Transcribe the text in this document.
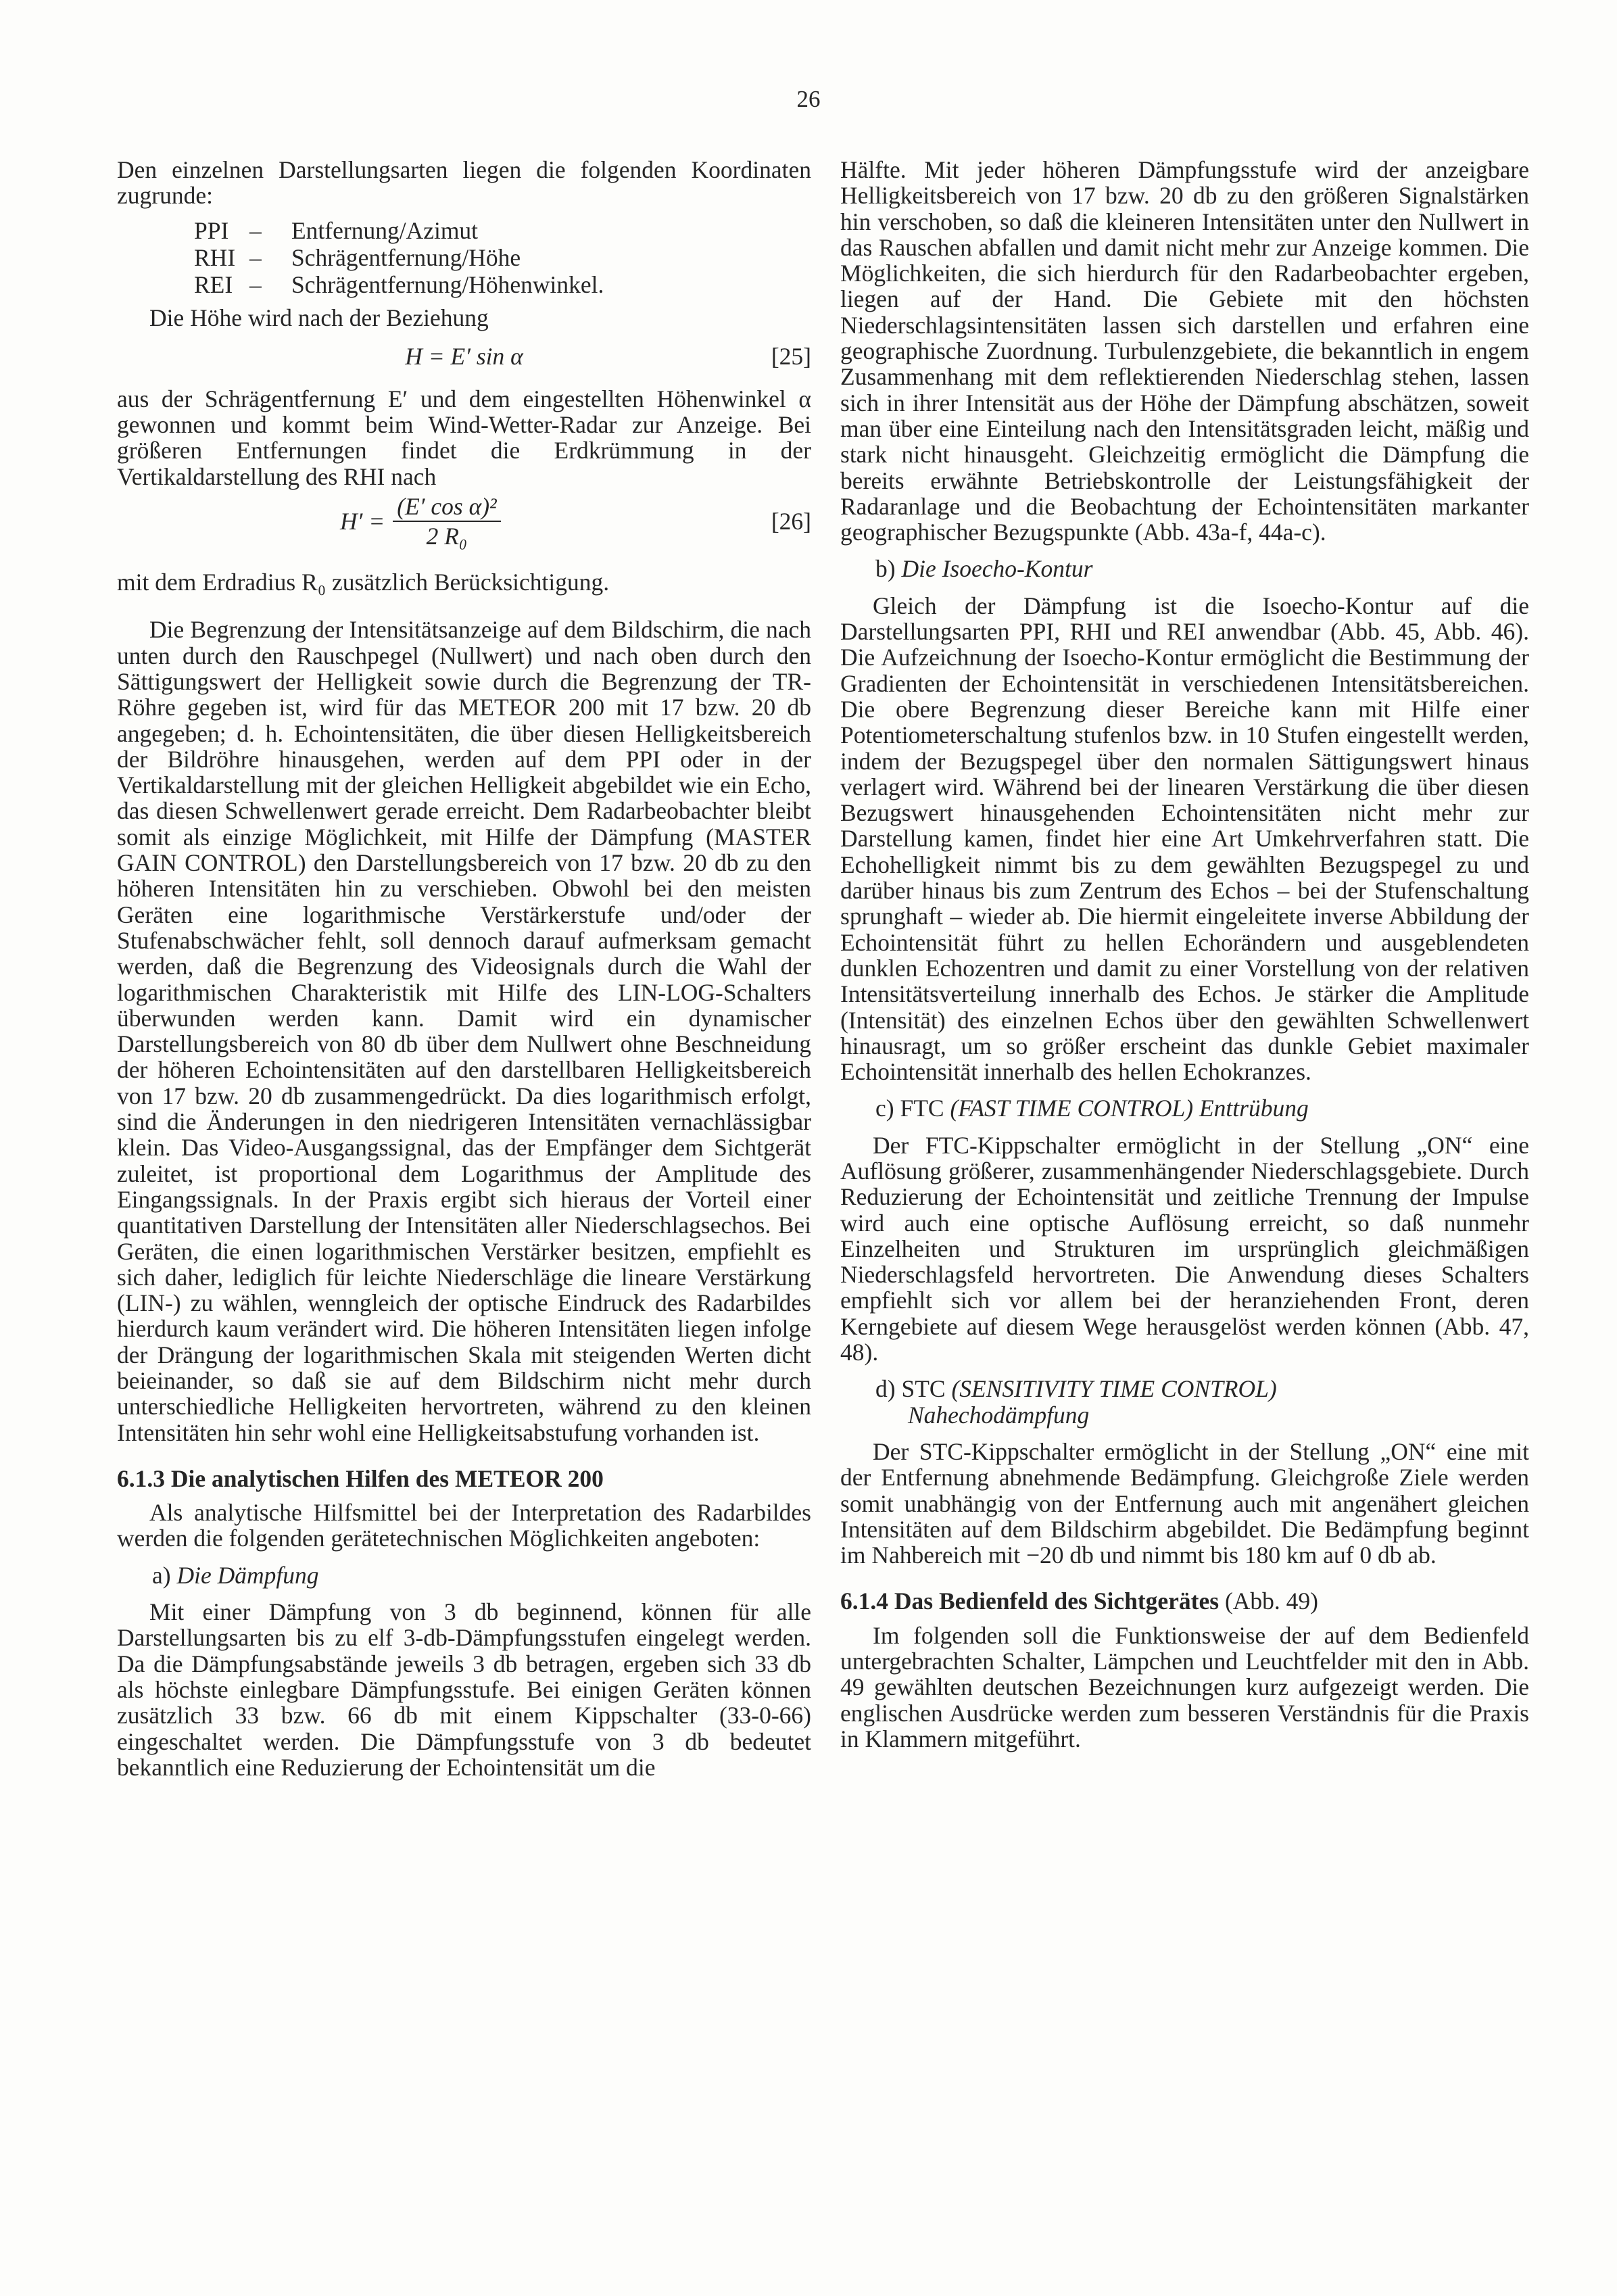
26

Den einzelnen Darstellungsarten liegen die folgenden Koordinaten zugrunde:

PPI –	Entfernung/Azimut
RHI –	Schrägentfernung/Höhe
REI –	Schrägentfernung/Höhenwinkel.

Die Höhe wird nach der Beziehung

H = E′ sin α	[25]

aus der Schrägentfernung E′ und dem eingestellten Höhenwinkel α gewonnen und kommt beim Wind-Wetter-Radar zur Anzeige. Bei größeren Entfernungen findet die Erdkrümmung in der Vertikaldarstellung des RHI nach

$H' = \frac{\text{(E′ cos α)²}}{\text{2 R₀}}$	[26]

mit dem Erdradius R₀ zusätzlich Berücksichtigung.

Die Begrenzung der Intensitätsanzeige auf dem Bildschirm, die nach unten durch den Rauschpegel (Nullwert) und nach oben durch den Sättigungswert der Helligkeit sowie durch die Begrenzung der TR-Röhre gegeben ist, wird für das METEOR 200 mit 17 bzw. 20 db angegeben; d. h. Echointensitäten, die über diesen Helligkeitsbereich der Bildröhre hinausgehen, werden auf dem PPI oder in der Vertikaldarstellung mit der gleichen Helligkeit abgebildet wie ein Echo, das diesen Schwellenwert gerade erreicht. Dem Radarbeobachter bleibt somit als einzige Möglichkeit, mit Hilfe der Dämpfung (MASTER GAIN CONTROL) den Darstellungsbereich von 17 bzw. 20 db zu den höheren Intensitäten hin zu verschieben. Obwohl bei den meisten Geräten eine logarithmische Verstärkerstufe und/oder der Stufenabschwächer fehlt, soll dennoch darauf aufmerksam gemacht werden, daß die Begrenzung des Videosignals durch die Wahl der logarithmischen Charakteristik mit Hilfe des LIN-LOG-Schalters überwunden werden kann. Damit wird ein dynamischer Darstellungsbereich von 80 db über dem Nullwert ohne Beschneidung der höheren Echointensitäten auf den darstellbaren Helligkeitsbereich von 17 bzw. 20 db zusammengedrückt. Da dies logarithmisch erfolgt, sind die Änderungen in den niedrigeren Intensitäten vernachlässigbar klein. Das Video-Ausgangssignal, das der Empfänger dem Sichtgerät zuleitet, ist proportional dem Logarithmus der Amplitude des Eingangssignals. In der Praxis ergibt sich hieraus der Vorteil einer quantitativen Darstellung der Intensitäten aller Niederschlagsechos. Bei Geräten, die einen logarithmischen Verstärker besitzen, empfiehlt es sich daher, lediglich für leichte Niederschläge die lineare Verstärkung (LIN-) zu wählen, wenngleich der optische Eindruck des Radarbildes hierdurch kaum verändert wird. Die höheren Intensitäten liegen infolge der Drängung der logarithmischen Skala mit steigenden Werten dicht beieinander, so daß sie auf dem Bildschirm nicht mehr durch unterschiedliche Helligkeiten hervortreten, während zu den kleinen Intensitäten hin sehr wohl eine Helligkeitsabstufung vorhanden ist.

6.1.3 Die analytischen Hilfen des METEOR 200

Als analytische Hilfsmittel bei der Interpretation des Radarbildes werden die folgenden gerätetechnischen Möglichkeiten angeboten:

a) Die Dämpfung

Mit einer Dämpfung von 3 db beginnend, können für alle Darstellungsarten bis zu elf 3-db-Dämpfungsstufen eingelegt werden. Da die Dämpfungsabstände jeweils 3 db betragen, ergeben sich 33 db als höchste einlegbare Dämpfungsstufe. Bei einigen Geräten können zusätzlich 33 bzw. 66 db mit einem Kippschalter (33-0-66) eingeschaltet werden. Die Dämpfungsstufe von 3 db bedeutet bekanntlich eine Reduzierung der Echointensität um die

Hälfte. Mit jeder höheren Dämpfungsstufe wird der anzeigbare Helligkeitsbereich von 17 bzw. 20 db zu den größeren Signalstärken hin verschoben, so daß die kleineren Intensitäten unter den Nullwert in das Rauschen abfallen und damit nicht mehr zur Anzeige kommen. Die Möglichkeiten, die sich hierdurch für den Radarbeobachter ergeben, liegen auf der Hand. Die Gebiete mit den höchsten Niederschlagsintensitäten lassen sich darstellen und erfahren eine geographische Zuordnung. Turbulenzgebiete, die bekanntlich in engem Zusammenhang mit dem reflektierenden Niederschlag stehen, lassen sich in ihrer Intensität aus der Höhe der Dämpfung abschätzen, soweit man über eine Einteilung nach den Intensitätsgraden leicht, mäßig und stark nicht hinausgeht. Gleichzeitig ermöglicht die Dämpfung die bereits erwähnte Betriebskontrolle der Leistungsfähigkeit der Radaranlage und die Beobachtung der Echointensitäten markanter geographischer Bezugspunkte (Abb. 43a-f, 44a-c).

b) Die Isoecho-Kontur

Gleich der Dämpfung ist die Isoecho-Kontur auf die Darstellungsarten PPI, RHI und REI anwendbar (Abb. 45, Abb. 46). Die Aufzeichnung der Isoecho-Kontur ermöglicht die Bestimmung der Gradienten der Echointensität in verschiedenen Intensitätsbereichen. Die obere Begrenzung dieser Bereiche kann mit Hilfe einer Potentiometerschaltung stufenlos bzw. in 10 Stufen eingestellt werden, indem der Bezugspegel über den normalen Sättigungswert hinaus verlagert wird. Während bei der linearen Verstärkung die über diesen Bezugswert hinausgehenden Echointensitäten nicht mehr zur Darstellung kamen, findet hier eine Art Umkehrverfahren statt. Die Echohelligkeit nimmt bis zu dem gewählten Bezugspegel zu und darüber hinaus bis zum Zentrum des Echos – bei der Stufenschaltung sprunghaft – wieder ab. Die hiermit eingeleitete inverse Abbildung der Echointensität führt zu hellen Echorändern und ausgeblendeten dunklen Echozentren und damit zu einer Vorstellung von der relativen Intensitätsverteilung innerhalb des Echos. Je stärker die Amplitude (Intensität) des einzelnen Echos über den gewählten Schwellenwert hinausragt, um so größer erscheint das dunkle Gebiet maximaler Echointensität innerhalb des hellen Echokranzes.

c) FTC (FAST TIME CONTROL) Enttrübung

Der FTC-Kippschalter ermöglicht in der Stellung „ON“ eine Auflösung größerer, zusammenhängender Niederschlagsgebiete. Durch Reduzierung der Echointensität und zeitliche Trennung der Impulse wird auch eine optische Auflösung erreicht, so daß nunmehr Einzelheiten und Strukturen im ursprünglich gleichmäßigen Niederschlagsfeld hervortreten. Die Anwendung dieses Schalters empfiehlt sich vor allem bei der heranziehenden Front, deren Kerngebiete auf diesem Wege herausgelöst werden können (Abb. 47, 48).

d) STC (SENSITIVITY TIME CONTROL)
Nahechodämpfung

Der STC-Kippschalter ermöglicht in der Stellung „ON“ eine mit der Entfernung abnehmende Bedämpfung. Gleichgroße Ziele werden somit unabhängig von der Entfernung auch mit angenähert gleichen Intensitäten auf dem Bildschirm abgebildet. Die Bedämpfung beginnt im Nahbereich mit −20 db und nimmt bis 180 km auf 0 db ab.

6.1.4 Das Bedienfeld des Sichtgerätes (Abb. 49)

Im folgenden soll die Funktionsweise der auf dem Bedienfeld untergebrachten Schalter, Lämpchen und Leuchtfelder mit den in Abb. 49 gewählten deutschen Bezeichnungen kurz aufgezeigt werden. Die englischen Ausdrücke werden zum besseren Verständnis für die Praxis in Klammern mitgeführt.
